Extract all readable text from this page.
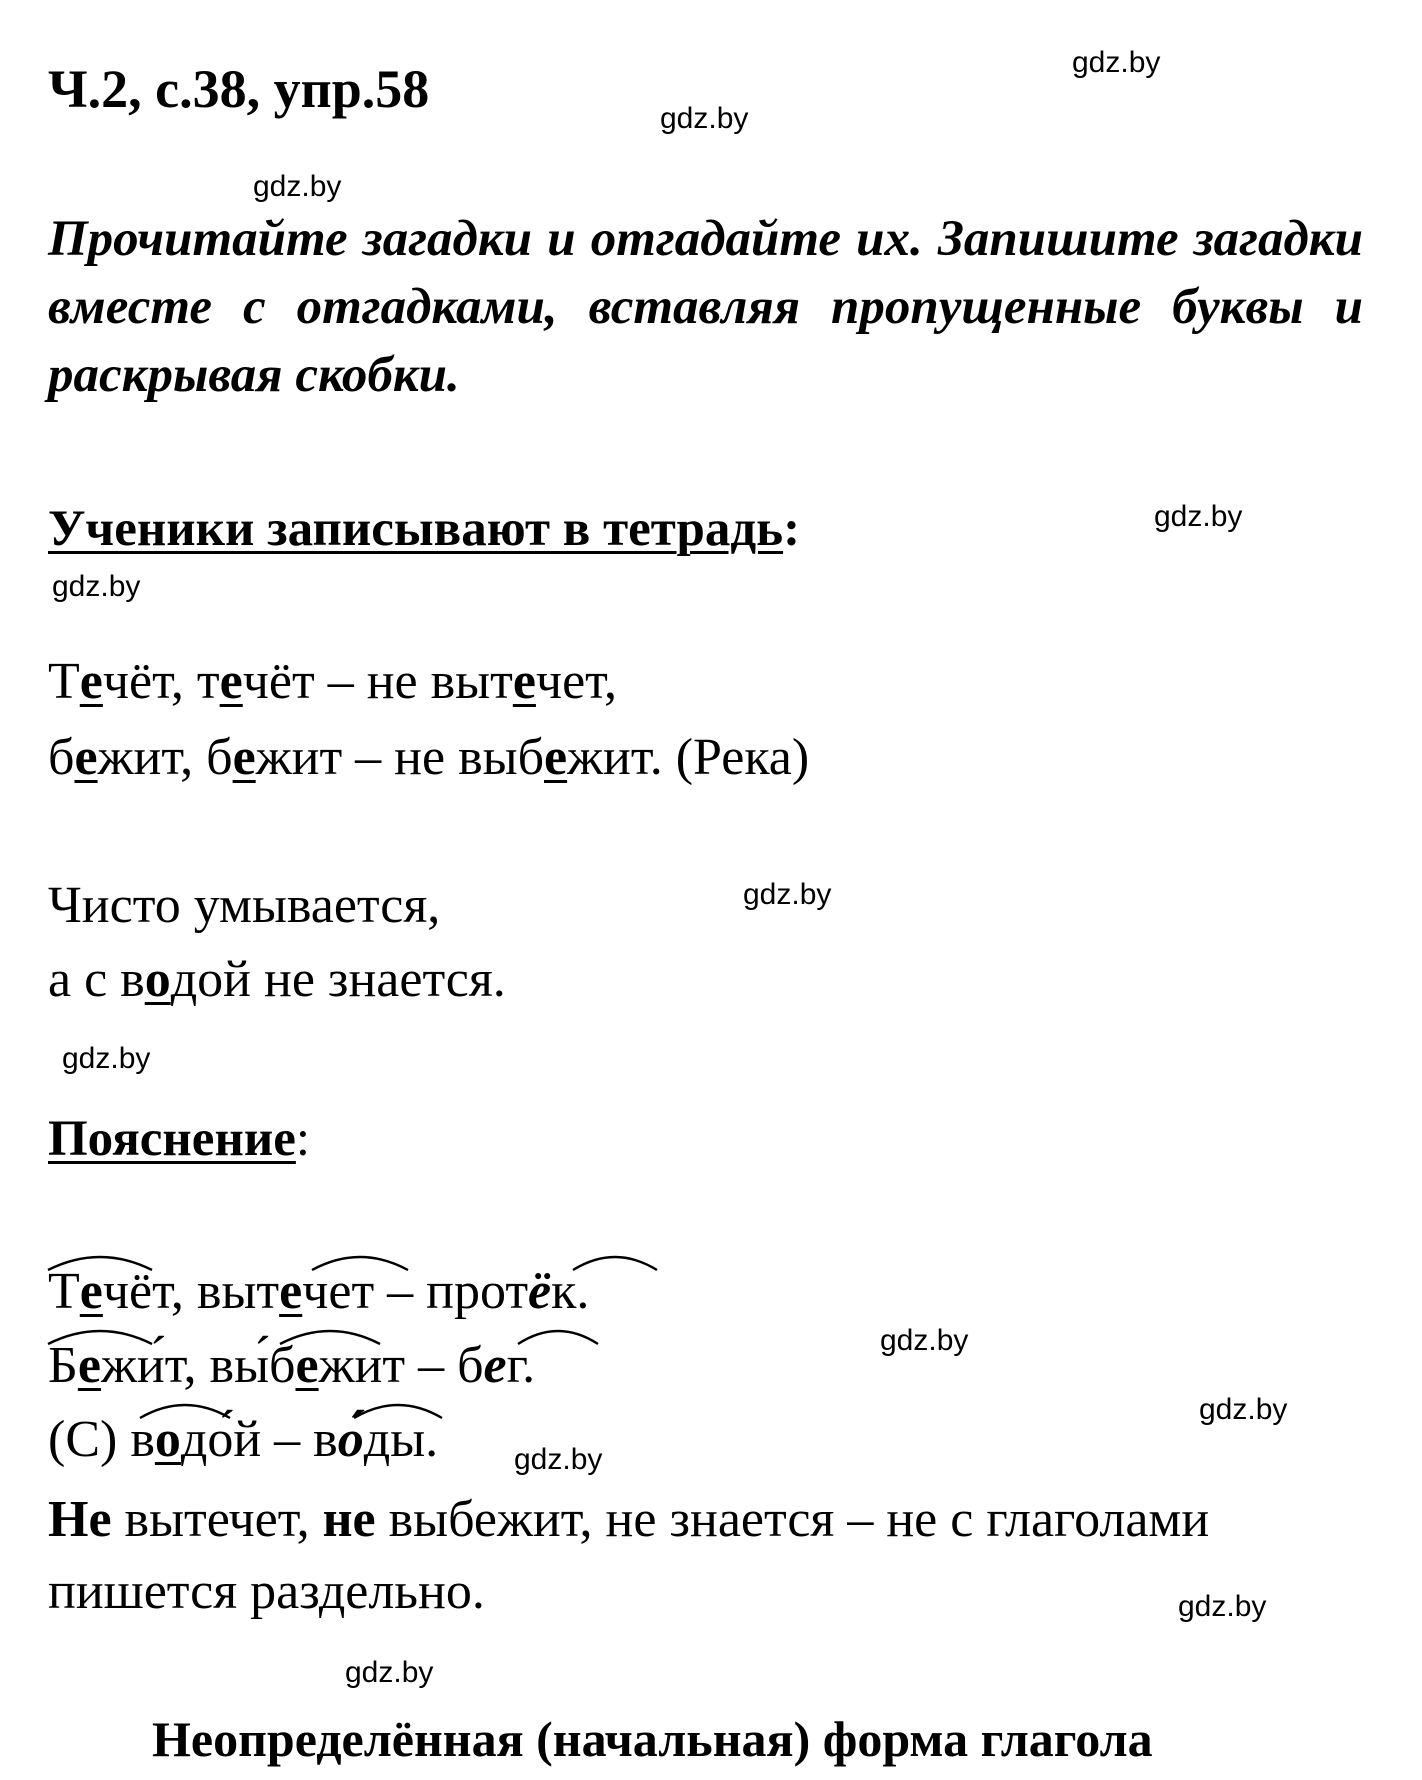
Ч.2, с.38, упр.58	gdz.by
gdz.by
gdz.by
gdz.by
gdz.by
gdz.by
gdz.by
gdz.by
gdz.by
gdz.by
gdz.by
gdz.by
Прочитайте загадки и отгадайте их. Запишите загадки вместе с отгадками, вставляя пропущенные буквы и раскрывая скобки.
Ученики записывают в тетрадь:
Течёт, течёт – не вытечет,
бежит, бежит – не выбежит. (Река)
Чисто умывается,
а с водой не знается.
Пояснение:
Течёт, вытечет – протёк.
Бежи́т, вы́бежит – бег.
(С) водо́й – во́ды.
Не вытечет, не выбежит, не знается – не с глаголами
пишется раздельно.
Неопределённая (начальная) форма глагола
